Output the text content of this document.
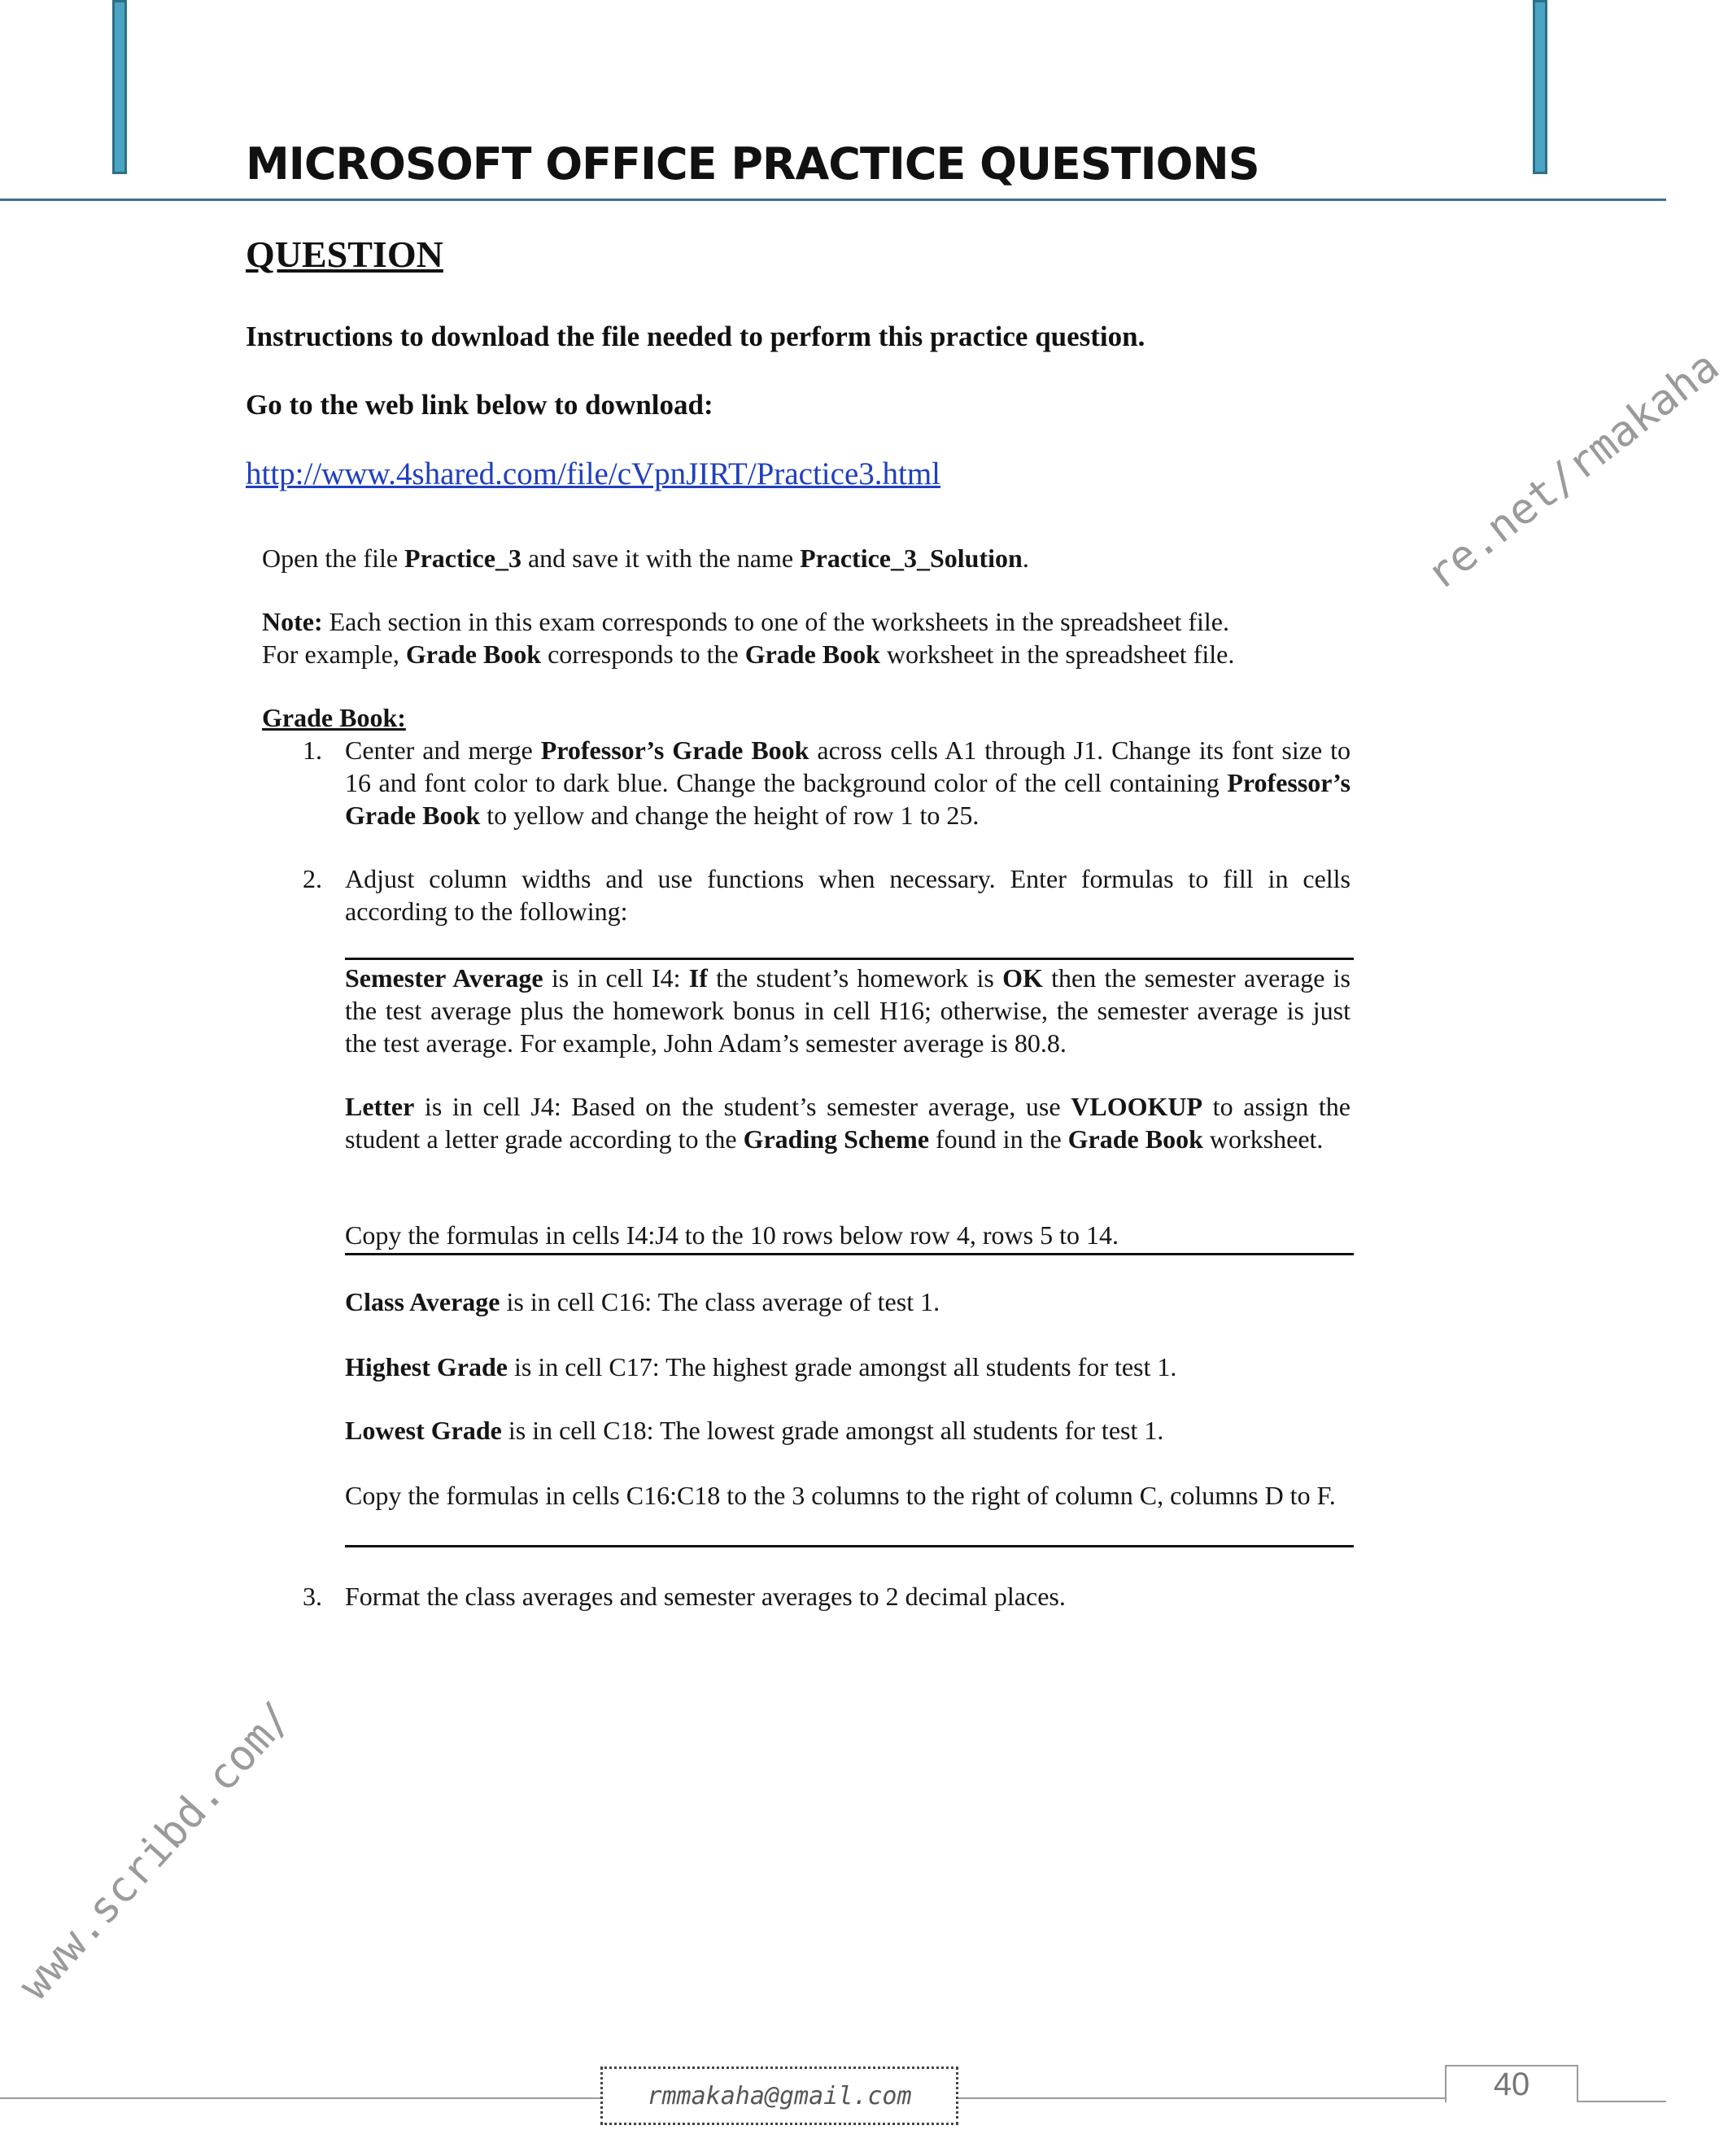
MICROSOFT OFFICE PRACTICE QUESTIONS
QUESTION
Instructions to download the file needed to perform this practice question.
Go to the web link below to download:
http://www.4shared.com/file/cVpnJIRT/Practice3.html
Open the file Practice_3 and save it with the name Practice_3_Solution.
Note: Each section in this exam corresponds to one of the worksheets in the spreadsheet file.
For example, Grade Book corresponds to the Grade Book worksheet in the spreadsheet file.
Grade Book:
1. Center and merge Professor’s Grade Book across cells A1 through J1. Change its font size to 16 and font color to dark blue. Change the background color of the cell containing Professor’s Grade Book to yellow and change the height of row 1 to 25.
2. Adjust column widths and use functions when necessary. Enter formulas to fill in cells according to the following:
Semester Average is in cell I4: If the student’s homework is OK then the semester average is the test average plus the homework bonus in cell H16; otherwise, the semester average is just the test average. For example, John Adam’s semester average is 80.8.
Letter is in cell J4: Based on the student’s semester average, use VLOOKUP to assign the student a letter grade according to the Grading Scheme found in the Grade Book worksheet.
Copy the formulas in cells I4:J4 to the 10 rows below row 4, rows 5 to 14.
Class Average is in cell C16: The class average of test 1.
Highest Grade is in cell C17: The highest grade amongst all students for test 1.
Lowest Grade is in cell C18: The lowest grade amongst all students for test 1.
Copy the formulas in cells C16:C18 to the 3 columns to the right of column C, columns D to F.
3. Format the class averages and semester averages to 2 decimal places.
re.net/rmakaha
www.scribd.com/
rmmakaha@gmail.com	40
